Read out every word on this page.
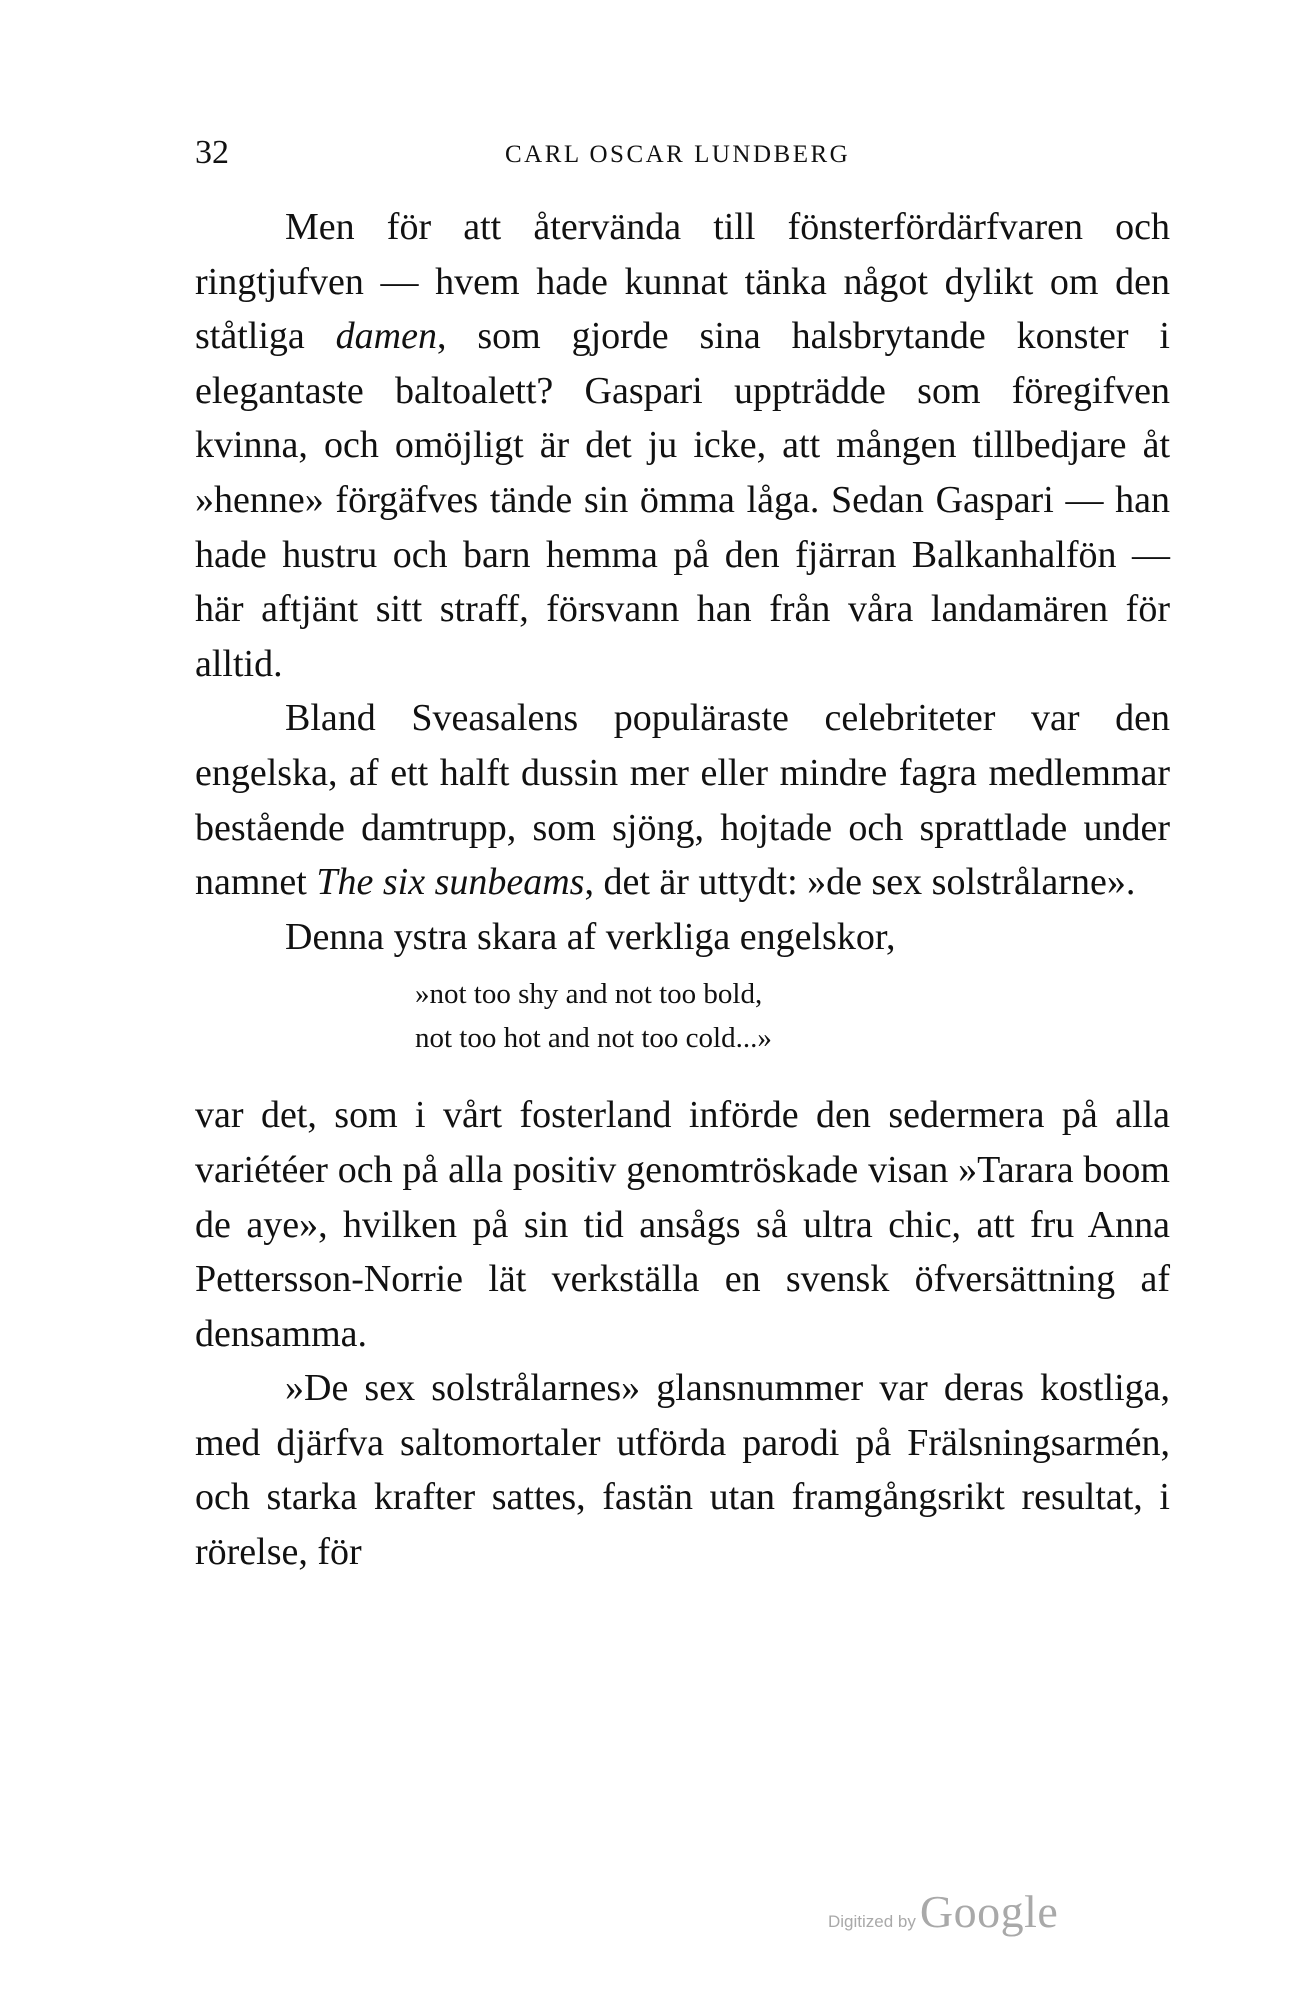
32	CARL OSCAR LUNDBERG

Men för att återvända till fönsterfördärfvaren och ringtjufven — hvem hade kunnat tänka något dylikt om den ståtliga damen, som gjorde sina halsbrytande konster i elegantaste baltoalett? Gaspari uppträdde som föregifven kvinna, och omöjligt är det ju icke, att mången tillbedjare åt »henne» förgäfves tände sin ömma låga. Sedan Gaspari — han hade hustru och barn hemma på den fjärran Balkanhalfön — här aftjänt sitt straff, försvann han från våra landamären för alltid.

Bland Sveasalens populäraste celebriteter var den engelska, af ett halft dussin mer eller mindre fagra medlemmar bestående damtrupp, som sjöng, hojtade och sprattlade under namnet The six sunbeams, det är uttydt: »de sex solstrålarne».

Denna ystra skara af verkliga engelskor,

»not too shy and not too bold,
not too hot and not too cold...»

var det, som i vårt fosterland införde den sedermera på alla variétéer och på alla positiv genomtröskade visan »Tarara boom de aye», hvilken på sin tid ansågs så ultra chic, att fru Anna Pettersson-Norrie lät verkställa en svensk öfversättning af densamma.

»De sex solstrålarnes» glansnummer var deras kostliga, med djärfva saltomortaler utförda parodi på Frälsningsarmén, och starka krafter sattes, fastän utan framgångsrikt resultat, i rörelse, för

Digitized by Google
